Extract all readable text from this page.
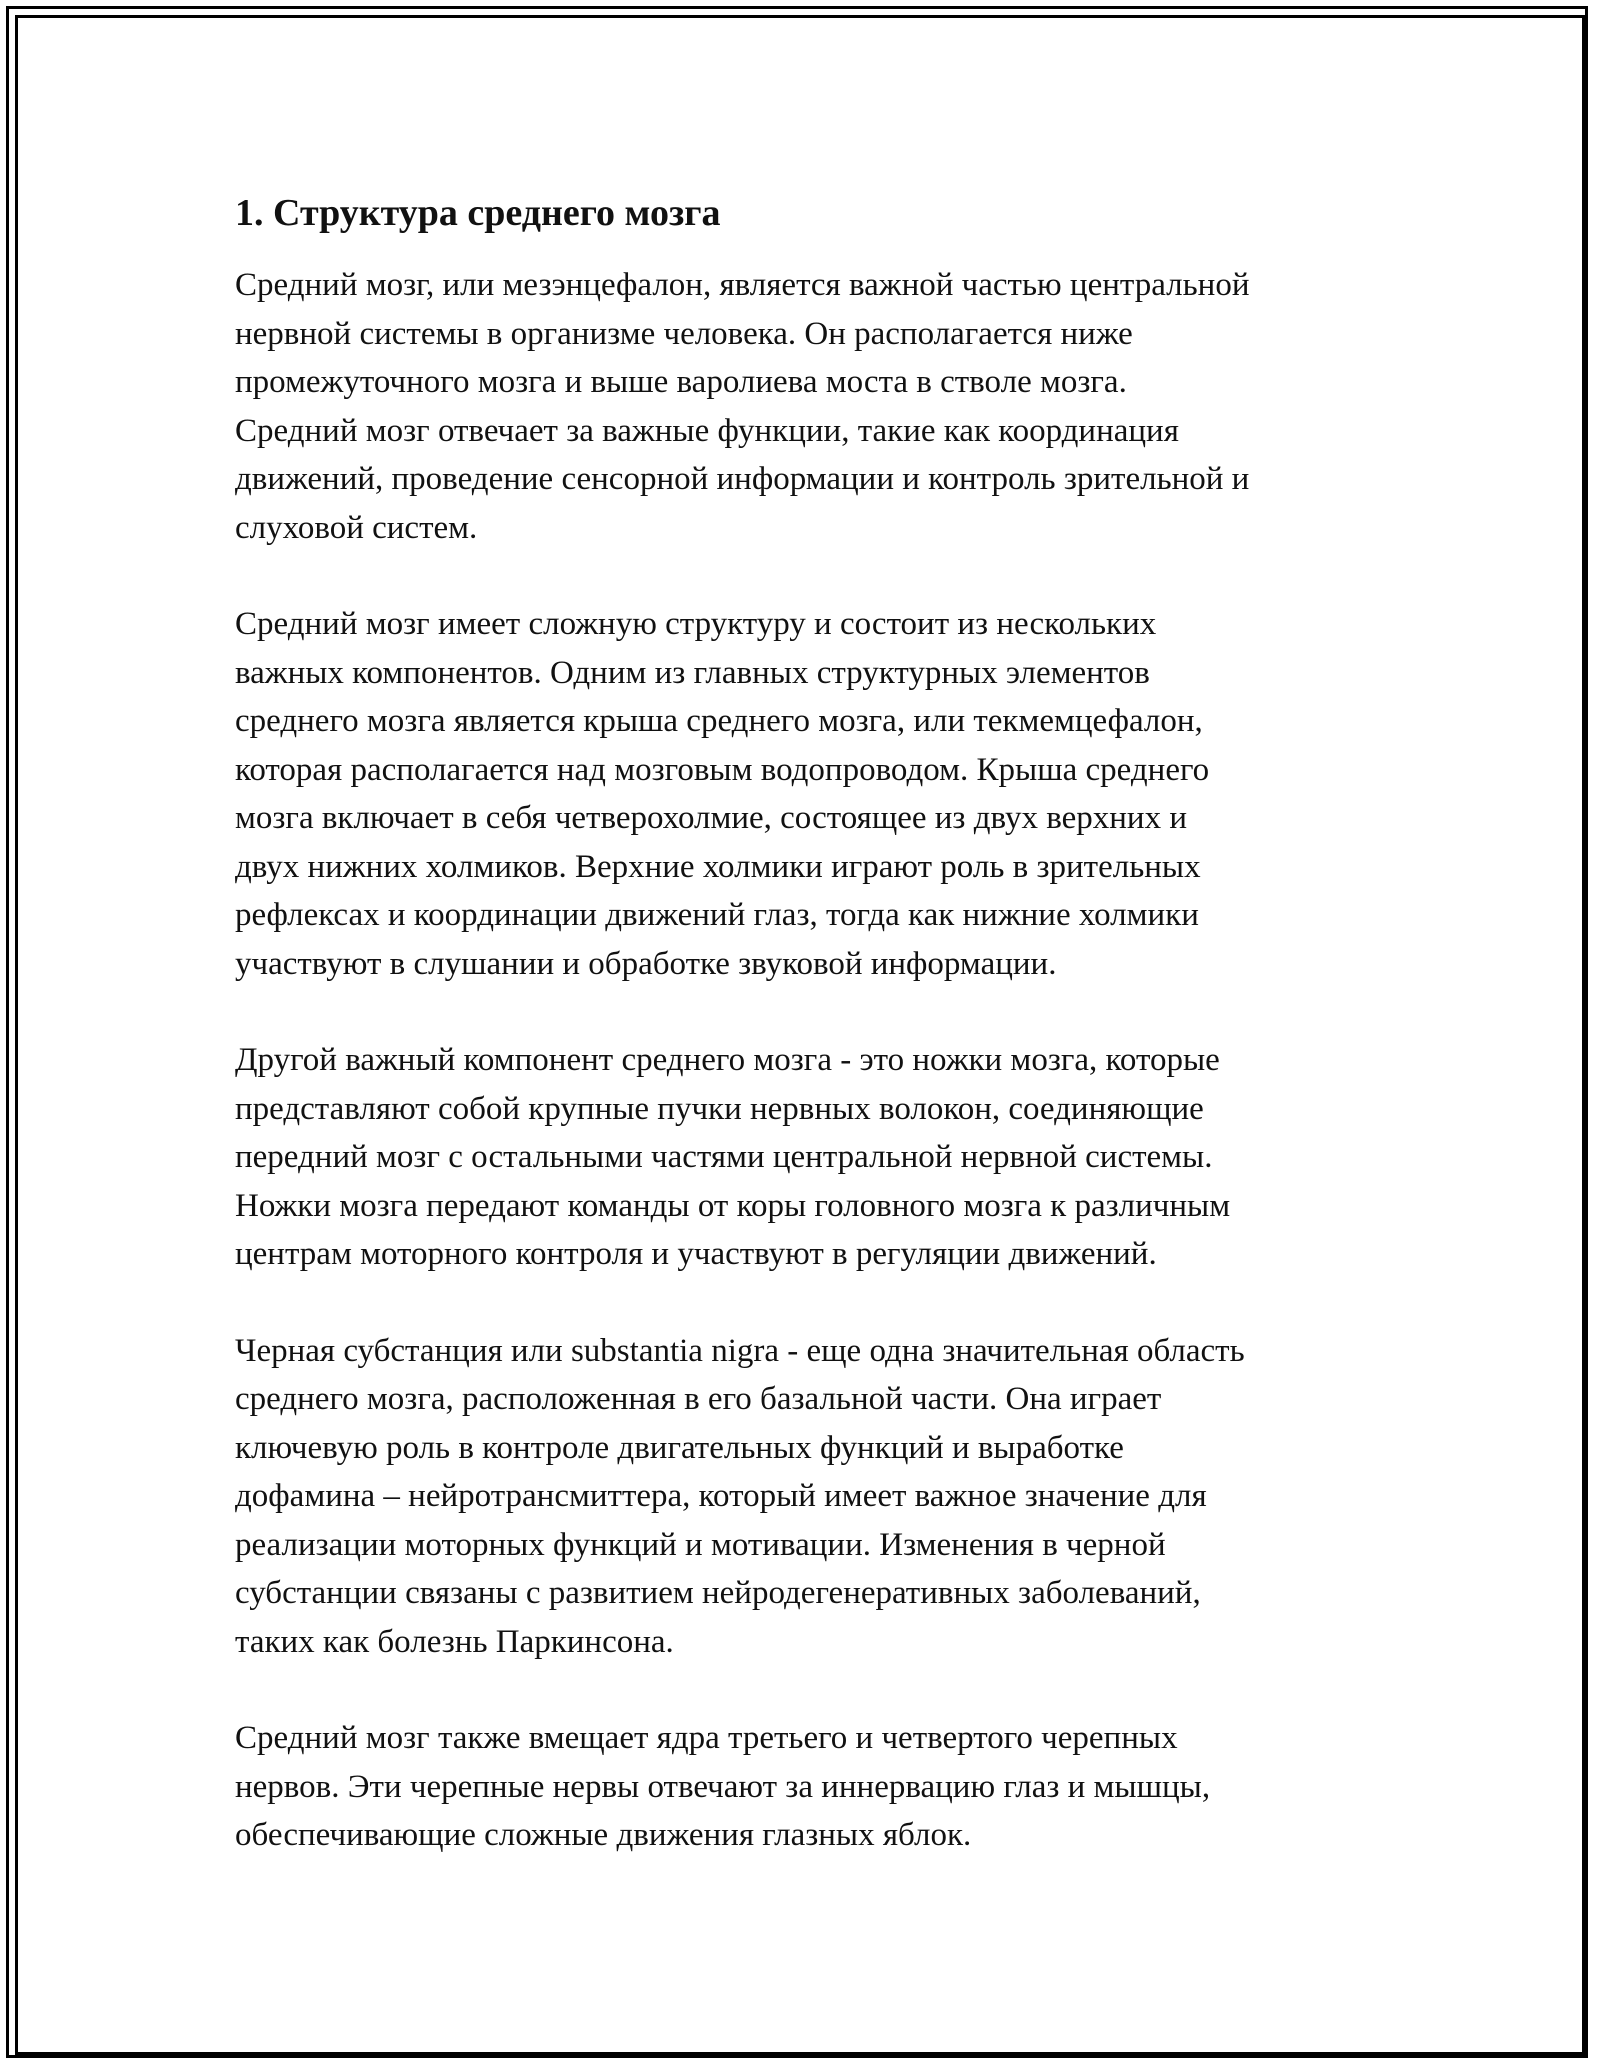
1. Структура среднего мозга

Средний мозг, или мезэнцефалон, является важной частью центральной
нервной системы в организме человека. Он располагается ниже
промежуточного мозга и выше варолиева моста в стволе мозга.
Средний мозг отвечает за важные функции, такие как координация
движений, проведение сенсорной информации и контроль зрительной и
слуховой систем.

Средний мозг имеет сложную структуру и состоит из нескольких
важных компонентов. Одним из главных структурных элементов
среднего мозга является крыша среднего мозга, или текмемцефалон,
которая располагается над мозговым водопроводом. Крыша среднего
мозга включает в себя четверохолмие, состоящее из двух верхних и
двух нижних холмиков. Верхние холмики играют роль в зрительных
рефлексах и координации движений глаз, тогда как нижние холмики
участвуют в слушании и обработке звуковой информации.

Другой важный компонент среднего мозга - это ножки мозга, которые
представляют собой крупные пучки нервных волокон, соединяющие
передний мозг с остальными частями центральной нервной системы.
Ножки мозга передают команды от коры головного мозга к различным
центрам моторного контроля и участвуют в регуляции движений.

Черная субстанция или substantia nigra - еще одна значительная область
среднего мозга, расположенная в его базальной части. Она играет
ключевую роль в контроле двигательных функций и выработке
дофамина – нейротрансмиттера, который имеет важное значение для
реализации моторных функций и мотивации. Изменения в черной
субстанции связаны с развитием нейродегенеративных заболеваний,
таких как болезнь Паркинсона.

Средний мозг также вмещает ядра третьего и четвертого черепных
нервов. Эти черепные нервы отвечают за иннервацию глаз и мышцы,
обеспечивающие сложные движения глазных яблок.
